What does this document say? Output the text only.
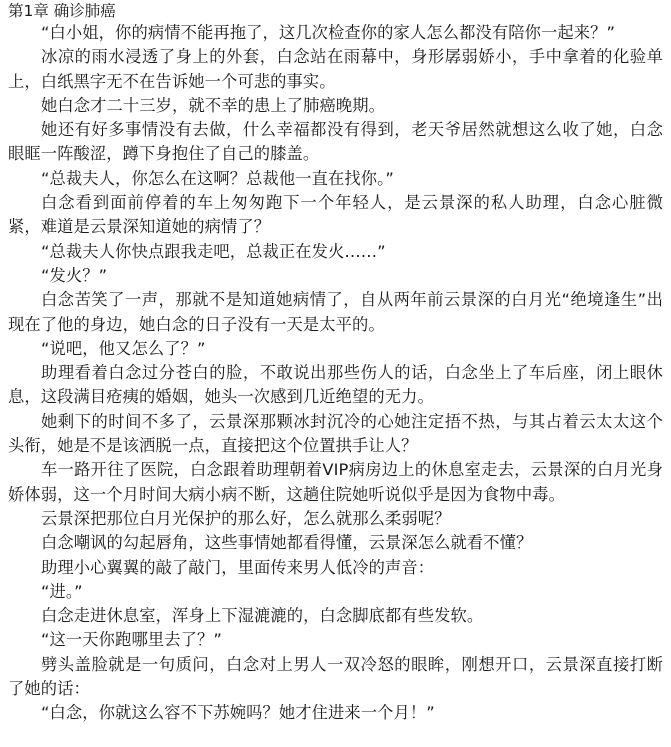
第1章 确诊肺癌

“白小姐，你的病情不能再拖了，这几次检查你的家人怎么都没有陪你一起来？”

冰凉的雨水浸透了身上的外套，白念站在雨幕中，身形孱弱娇小，手中拿着的化验单上，白纸黑字无不在告诉她一个可悲的事实。

她白念才二十三岁，就不幸的患上了肺癌晚期。

她还有好多事情没有去做，什么幸福都没有得到，老天爷居然就想这么收了她，白念眼眶一阵酸涩，蹲下身抱住了自己的膝盖。

“总裁夫人，你怎么在这啊？总裁他一直在找你。”

白念看到面前停着的车上匆匆跑下一个年轻人，是云景深的私人助理，白念心脏微紧，难道是云景深知道她的病情了？

“总裁夫人你快点跟我走吧，总裁正在发火……”

“发火？”

白念苦笑了一声，那就不是知道她病情了，自从两年前云景深的白月光“绝境逢生”出现在了他的身边，她白念的日子没有一天是太平的。

“说吧，他又怎么了？”

助理看着白念过分苍白的脸，不敢说出那些伤人的话，白念坐上了车后座，闭上眼休息，这段满目疮痍的婚姻，她头一次感到几近绝望的无力。

她剩下的时间不多了，云景深那颗冰封沉冷的心她注定捂不热，与其占着云太太这个头衔，她是不是该洒脱一点，直接把这个位置拱手让人？

车一路开往了医院，白念跟着助理朝着VIP病房边上的休息室走去，云景深的白月光身娇体弱，这一个月时间大病小病不断，这趟住院她听说似乎是因为食物中毒。

云景深把那位白月光保护的那么好，怎么就那么柔弱呢？

白念嘲讽的勾起唇角，这些事情她都看得懂，云景深怎么就看不懂？

助理小心翼翼的敲了敲门，里面传来男人低冷的声音：

“进。”

白念走进休息室，浑身上下湿漉漉的，白念脚底都有些发软。

“这一天你跑哪里去了？”

劈头盖脸就是一句质问，白念对上男人一双冷怒的眼眸，刚想开口，云景深直接打断了她的话：

“白念，你就这么容不下苏婉吗？她才住进来一个月！”
